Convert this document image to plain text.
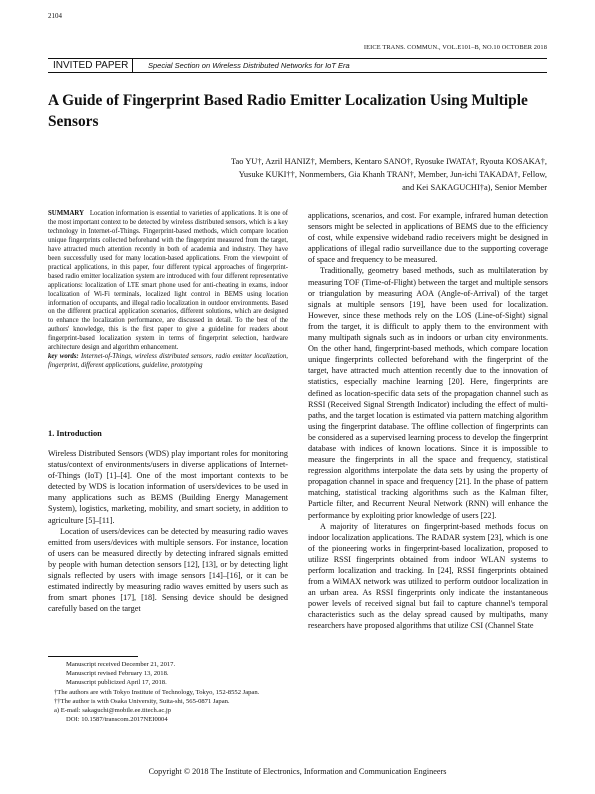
2104
IEICE TRANS. COMMUN., VOL.E101–B, NO.10 OCTOBER 2018
INVITED PAPER	Special Section on Wireless Distributed Networks for IoT Era
A Guide of Fingerprint Based Radio Emitter Localization Using Multiple Sensors
Tao YU†, Azril HANIZ†, Members, Kentaro SANO†, Ryosuke IWATA†, Ryouta KOSAKA†,
Yusuke KUKI††, Nonmembers, Gia Khanh TRAN†, Member, Jun-ichi TAKADA†, Fellow,
and Kei SAKAGUCHI†a), Senior Member

SUMMARY Location information is essential to varieties of applications. It is one of the most important context to be detected by wireless distributed sensors, which is a key technology in Internet-of-Things. Fingerprint-based methods, which compare location unique fingerprints collected beforehand with the fingerprint measured from the target, have attracted much attention recently in both of academia and industry. They have been successfully used for many location-based applications. From the viewpoint of practical applications, in this paper, four different typical approaches of fingerprint-based radio emitter localization system are introduced with four different representative applications: localization of LTE smart phone used for anti-cheating in exams, indoor localization of Wi-Fi terminals, localized light control in BEMS using location information of occupants, and illegal radio localization in outdoor environments. Based on the different practical application scenarios, different solutions, which are designed to enhance the localization performance, are discussed in detail. To the best of the authors' knowledge, this is the first paper to give a guideline for readers about fingerprint-based localization system in terms of fingerprint selection, hardware architecture design and algorithm enhancement.

key words: Internet-of-Things, wireless distributed sensors, radio emitter localization, fingerprint, different applications, guideline, prototyping

1. Introduction

Wireless Distributed Sensors (WDS) play important roles for monitoring status/context of environments/users in diverse applications of Internet-of-Things (IoT) [1]–[4]. One of the most important contexts to be detected by WDS is location information of users/devices to be used in many applications such as BEMS (Building Energy Management System), logistics, marketing, mobility, and smart society, in addition to agriculture [5]–[11].

Location of users/devices can be detected by measuring radio waves emitted from users/devices with multiple sensors. For instance, location of users can be measured directly by detecting infrared signals emitted by people with human detection sensors [12], [13], or by detecting light signals reflected by users with image sensors [14]–[16], or it can be estimated indirectly by measuring radio waves emitted by users such as from smart phones [17], [18]. Sensing device should be designed carefully based on the target

applications, scenarios, and cost. For example, infrared human detection sensors might be selected in applications of BEMS due to the efficiency of cost, while expensive wideband radio receivers might be designed in applications of illegal radio surveillance due to the supporting coverage of space and frequency to be measured.

Traditionally, geometry based methods, such as multilateration by measuring TOF (Time-of-Flight) between the target and multiple sensors or triangulation by measuring AOA (Angle-of-Arrival) of the target signals at multiple sensors [19], have been used for localization. However, since these methods rely on the LOS (Line-of-Sight) signal from the target, it is difficult to apply them to the environment with many multipath signals such as in indoors or urban city environments. On the other hand, fingerprint-based methods, which compare location unique fingerprints collected beforehand with the fingerprint of the target, have attracted much attention recently due to the innovation of statistics, especially machine learning [20]. Here, fingerprints are defined as location-specific data sets of the propagation channel such as RSSI (Received Signal Strength Indicator) including the effect of multi-paths, and the target location is estimated via pattern matching algorithm using the fingerprint database. The offline collection of fingerprints can be considered as a supervised learning process to develop the fingerprint database with indices of known locations. Since it is impossible to measure the fingerprints in all the space and frequency, statistical regression algorithms interpolate the data sets by using the property of propagation channel in space and frequency [21]. In the phase of pattern matching, statistical tracking algorithms such as the Kalman filter, Particle filter, and Recurrent Neural Network (RNN) will enhance the performance by exploiting prior knowledge of users [22].

A majority of literatures on fingerprint-based methods focus on indoor localization applications. The RADAR system [23], which is one of the pioneering works in fingerprint-based localization, proposed to utilize RSSI fingerprints obtained from indoor WLAN systems to perform localization and tracking. In [24], RSSI fingerprints obtained from a WiMAX network was utilized to perform outdoor localization in an urban area. As RSSI fingerprints only indicate the instantaneous power levels of received signal but fail to capture channel's temporal characteristics such as the delay spread caused by multipaths, many researchers have proposed algorithms that utilize CSI (Channel State

Manuscript received December 21, 2017.
Manuscript revised February 13, 2018.
Manuscript publicized April 17, 2018.
†The authors are with Tokyo Institute of Technology, Tokyo, 152-8552 Japan.
††The author is with Osaka University, Suita-shi, 565-0871 Japan.
a) E-mail: sakaguchi@mobile.ee.titech.ac.jp
DOI: 10.1587/transcom.2017NEI0004
Copyright © 2018 The Institute of Electronics, Information and Communication Engineers
